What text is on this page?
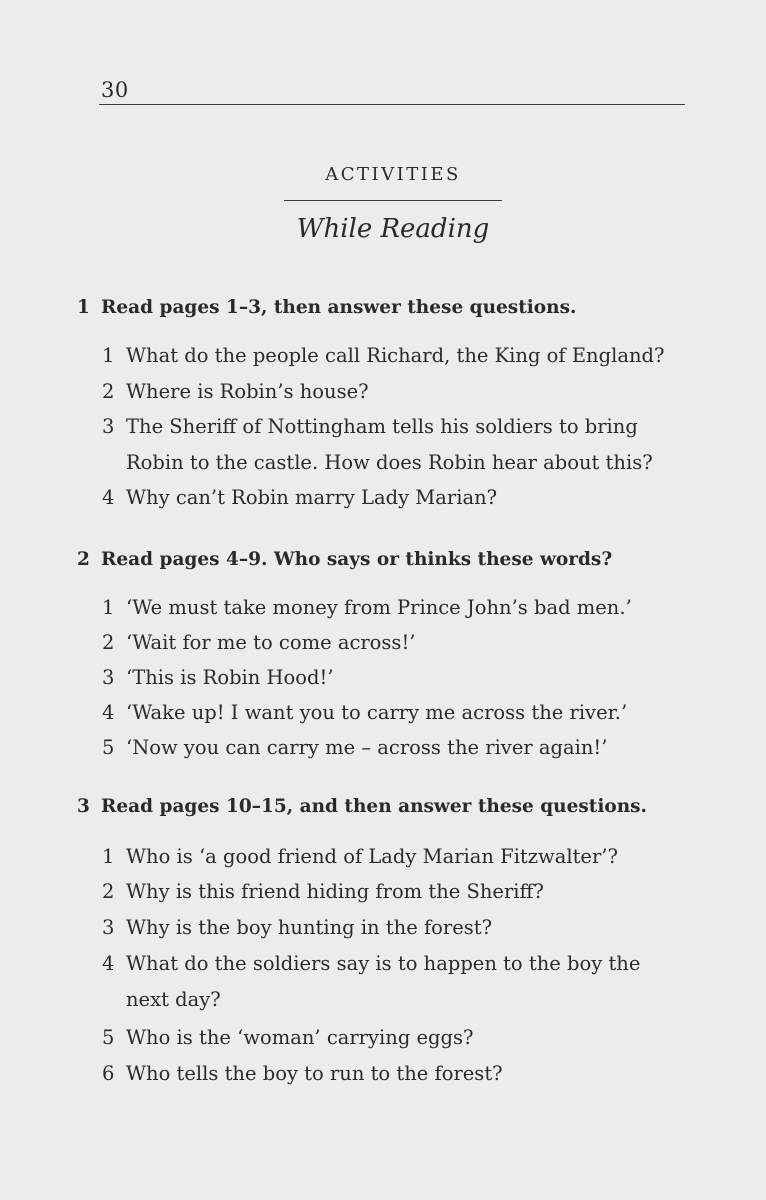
30
ACTIVITIES
While Reading
1 Read pages 1–3, then answer these questions.
1 What do the people call Richard, the King of England?
2 Where is Robin’s house?
3 The Sheriff of Nottingham tells his soldiers to bring
Robin to the castle. How does Robin hear about this?
4 Why can’t Robin marry Lady Marian?
2 Read pages 4–9. Who says or thinks these words?
1 ‘We must take money from Prince John’s bad men.’
2 ‘Wait for me to come across!’
3 ‘This is Robin Hood!’
4 ‘Wake up! I want you to carry me across the river.’
5 ‘Now you can carry me – across the river again!’
3 Read pages 10–15, and then answer these questions.
1 Who is ‘a good friend of Lady Marian Fitzwalter’?
2 Why is this friend hiding from the Sheriff?
3 Why is the boy hunting in the forest?
4 What do the soldiers say is to happen to the boy the
next day?
5 Who is the ‘woman’ carrying eggs?
6 Who tells the boy to run to the forest?
